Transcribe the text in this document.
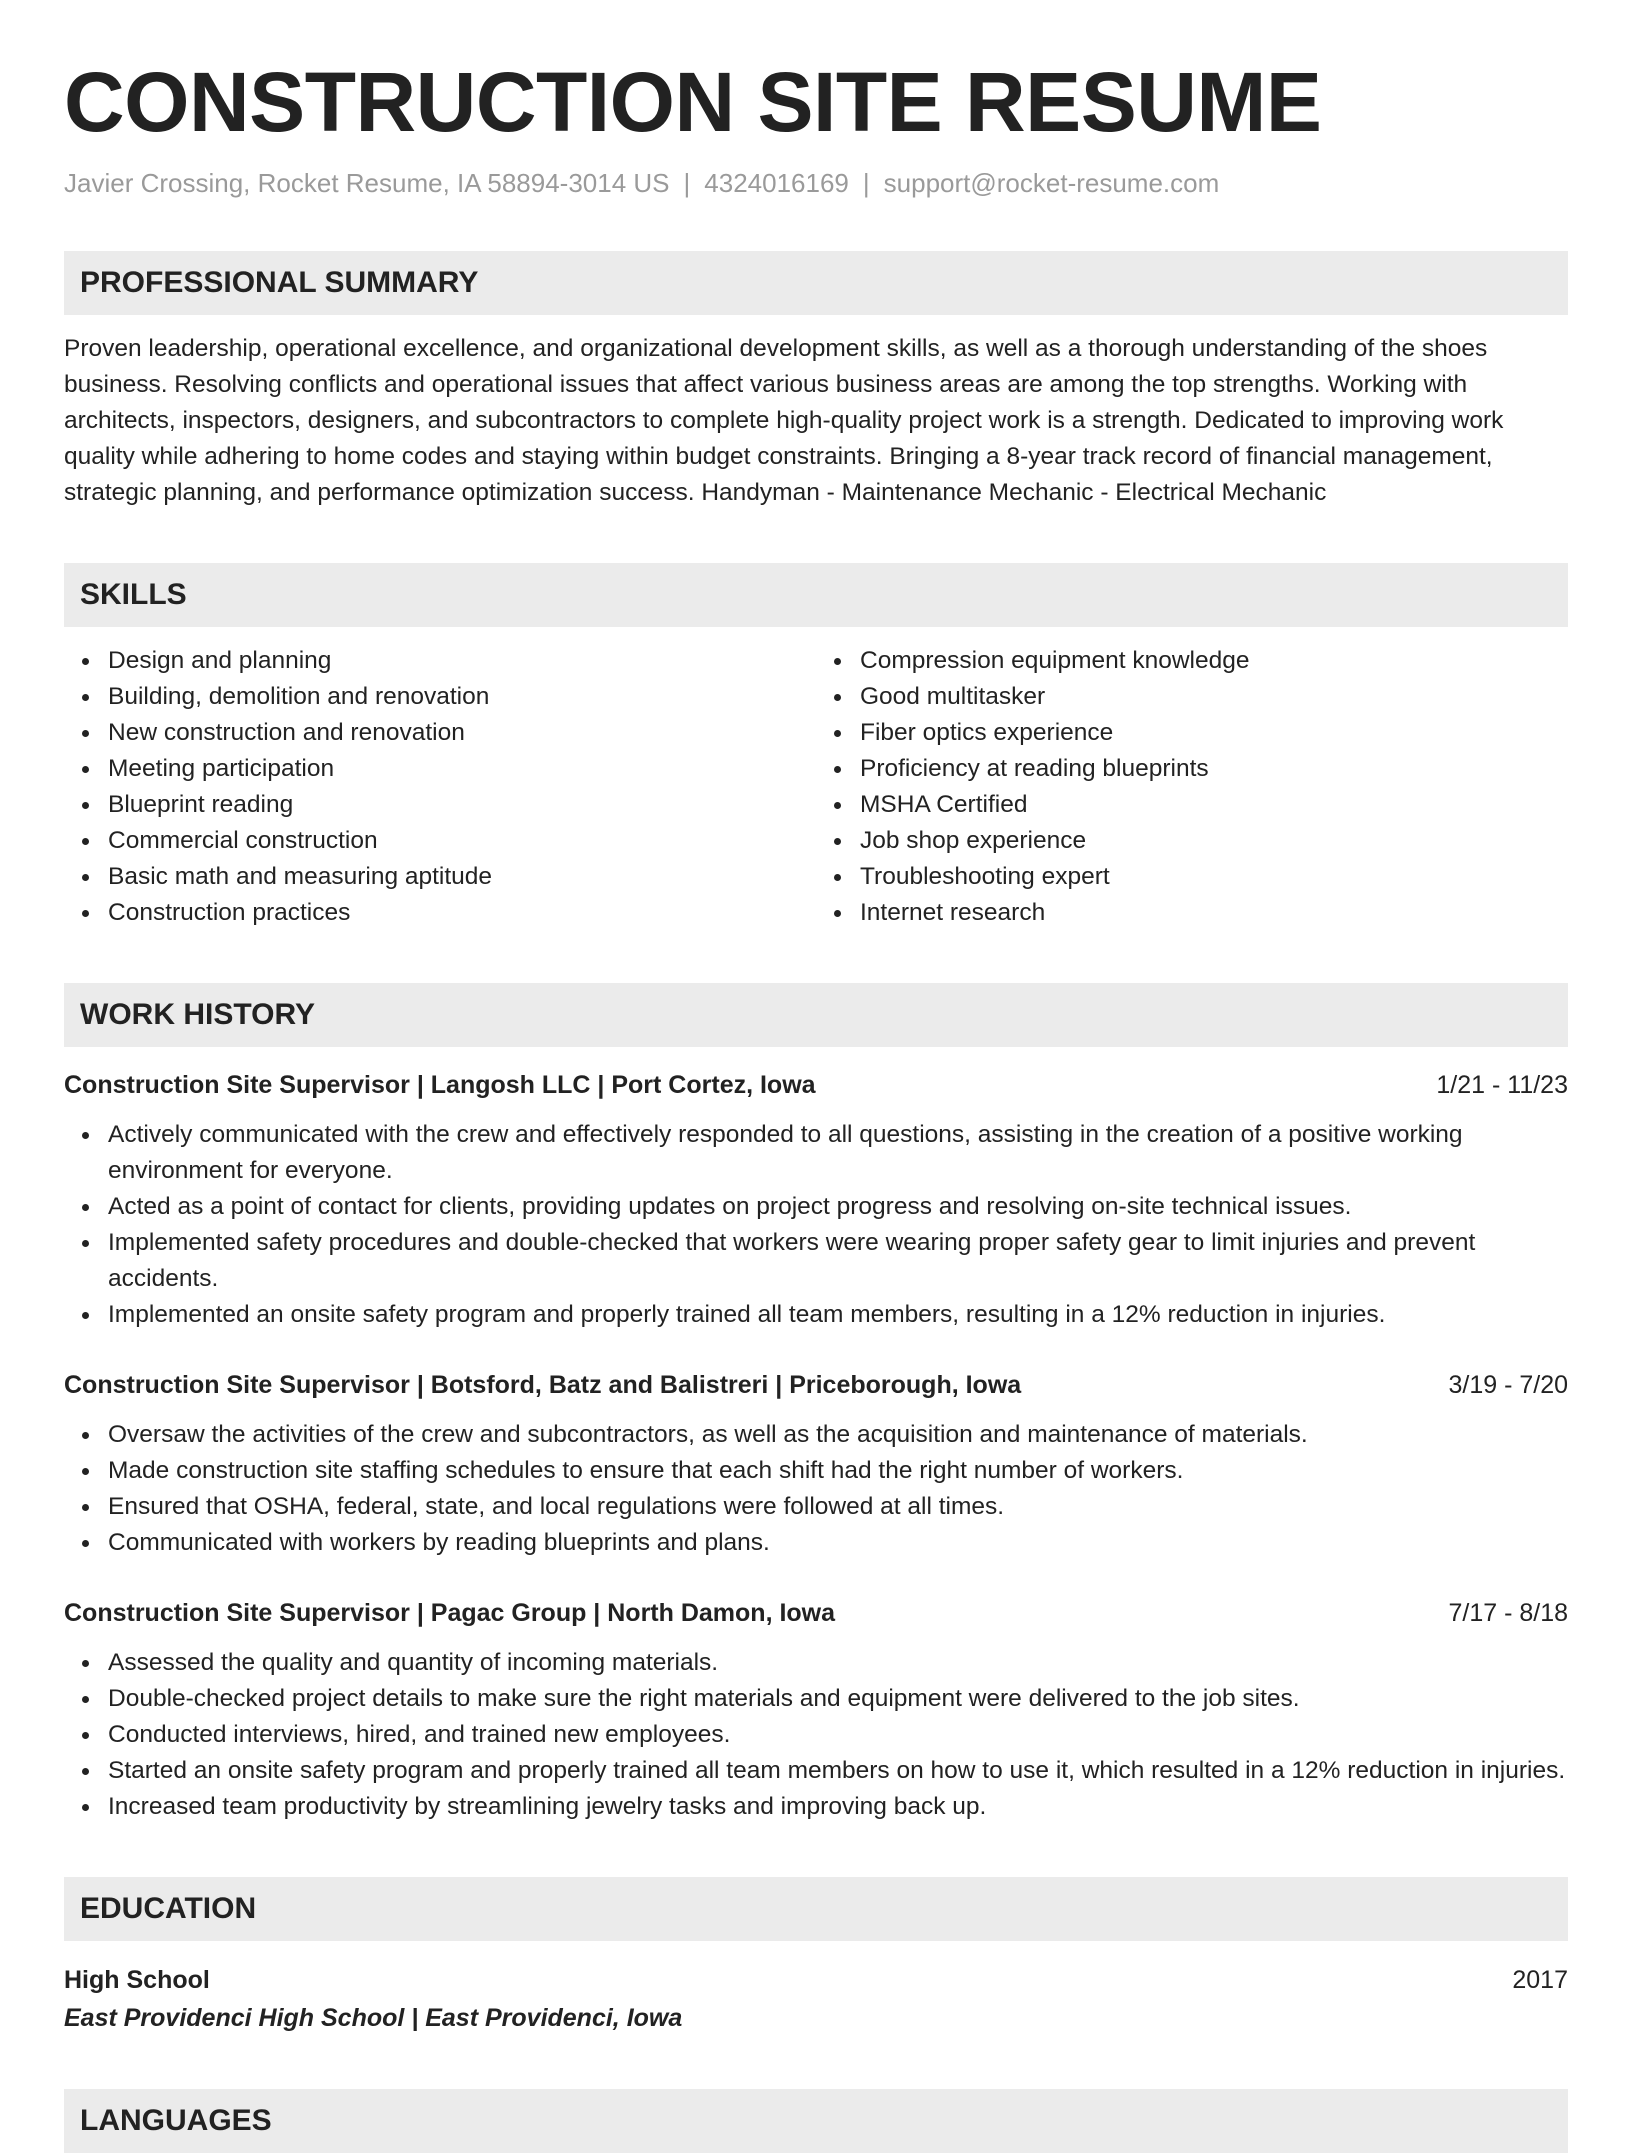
CONSTRUCTION SITE RESUME
Javier Crossing, Rocket Resume, IA 58894-3014 US | 4324016169 | support@rocket-resume.com
PROFESSIONAL SUMMARY
Proven leadership, operational excellence, and organizational development skills, as well as a thorough understanding of the shoes business. Resolving conflicts and operational issues that affect various business areas are among the top strengths. Working with architects, inspectors, designers, and subcontractors to complete high-quality project work is a strength. Dedicated to improving work quality while adhering to home codes and staying within budget constraints. Bringing a 8-year track record of financial management, strategic planning, and performance optimization success. Handyman - Maintenance Mechanic - Electrical Mechanic
SKILLS
Design and planning
Building, demolition and renovation
New construction and renovation
Meeting participation
Blueprint reading
Commercial construction
Basic math and measuring aptitude
Construction practices
Compression equipment knowledge
Good multitasker
Fiber optics experience
Proficiency at reading blueprints
MSHA Certified
Job shop experience
Troubleshooting expert
Internet research
WORK HISTORY
Construction Site Supervisor | Langosh LLC | Port Cortez, Iowa	1/21 - 11/23
Actively communicated with the crew and effectively responded to all questions, assisting in the creation of a positive working environment for everyone.
Acted as a point of contact for clients, providing updates on project progress and resolving on-site technical issues.
Implemented safety procedures and double-checked that workers were wearing proper safety gear to limit injuries and prevent accidents.
Implemented an onsite safety program and properly trained all team members, resulting in a 12% reduction in injuries.
Construction Site Supervisor | Botsford, Batz and Balistreri | Priceborough, Iowa	3/19 - 7/20
Oversaw the activities of the crew and subcontractors, as well as the acquisition and maintenance of materials.
Made construction site staffing schedules to ensure that each shift had the right number of workers.
Ensured that OSHA, federal, state, and local regulations were followed at all times.
Communicated with workers by reading blueprints and plans.
Construction Site Supervisor | Pagac Group | North Damon, Iowa	7/17 - 8/18
Assessed the quality and quantity of incoming materials.
Double-checked project details to make sure the right materials and equipment were delivered to the job sites.
Conducted interviews, hired, and trained new employees.
Started an onsite safety program and properly trained all team members on how to use it, which resulted in a 12% reduction in injuries.
Increased team productivity by streamlining jewelry tasks and improving back up.
EDUCATION
High School	2017
East Providenci High School | East Providenci, Iowa
LANGUAGES
